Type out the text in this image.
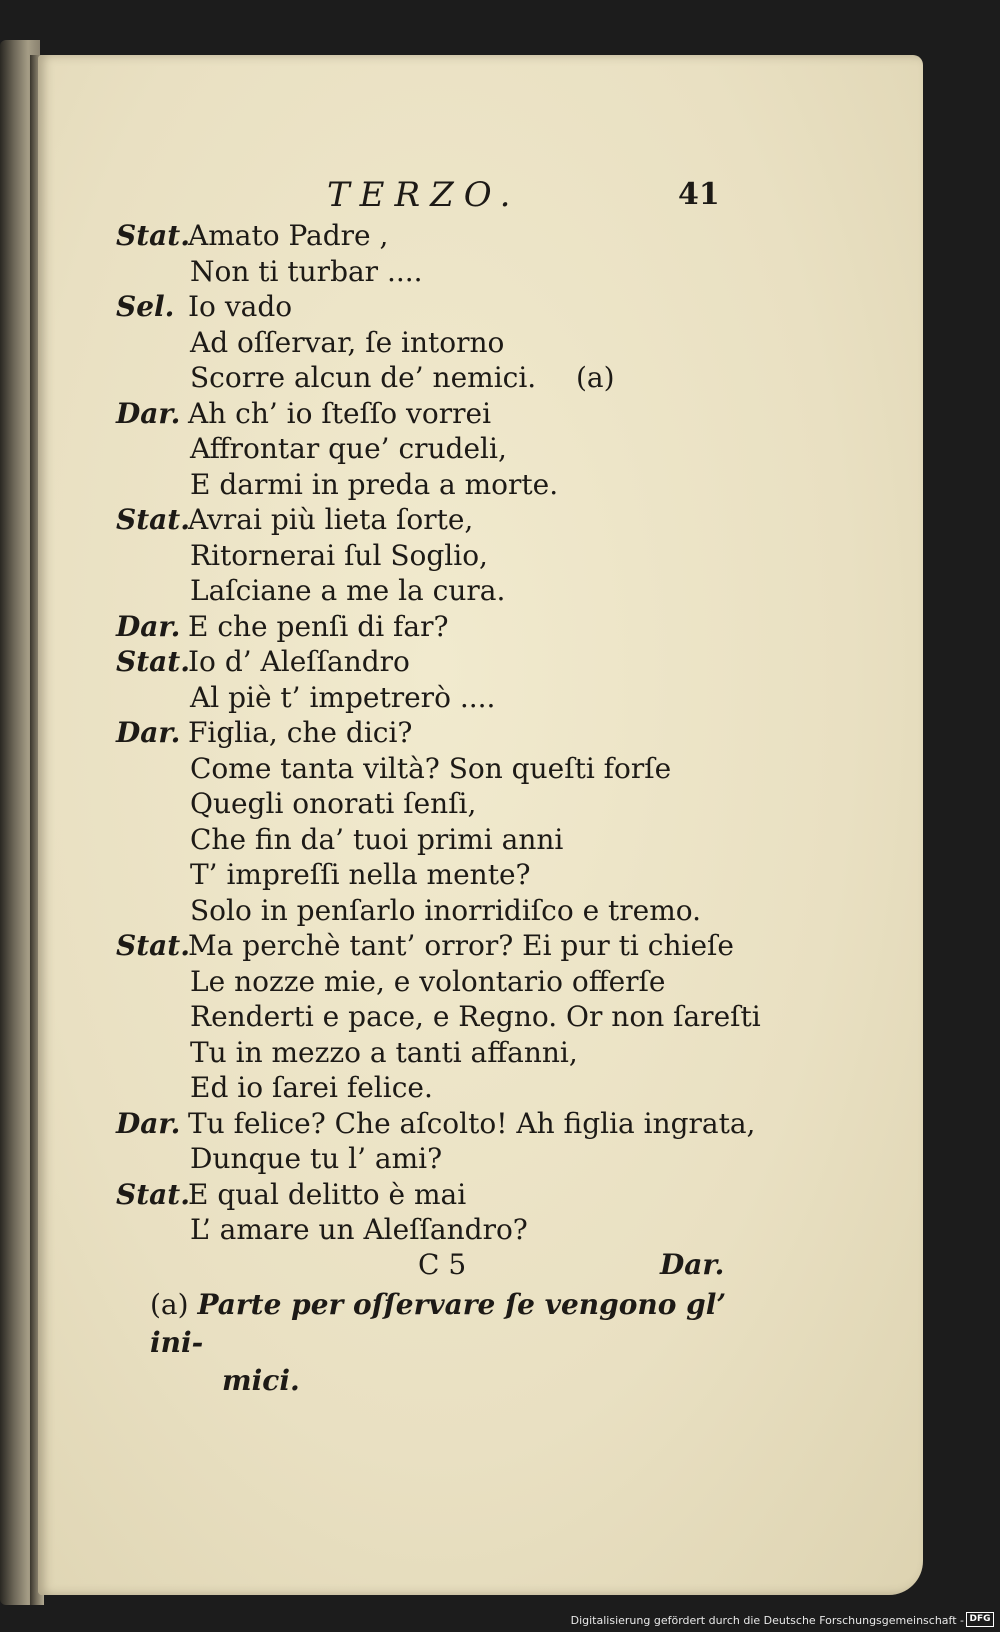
TERZO.	41
Stat.
Amato Padre ,
Non ti turbar ....
Sel. Io vado
Ad oſſervar, ſe intorno
Scorre alcun de’ nemici. (a)
Dar. Ah ch’ io ſteſſo vorrei
Affrontar que’ crudeli,
E darmi in preda a morte.
Stat.
Avrai più lieta ſorte,
Ritornerai ſul Soglio,
Laſciane a me la cura.
Dar. E che penſi di far?
Stat.
Io d’ Aleſſandro
Al piè t’ impetrerò ....
Dar. Figlia, che dici?
Come tanta viltà? Son queſti forſe
Quegli onorati ſenſi,
Che fin da’ tuoi primi anni
T’ impreſſi nella mente?
Solo in penſarlo inorridiſco e tremo.
Stat.
Ma perchè tant’ orror? Ei pur ti chieſe
Le nozze mie, e volontario offerſe
Renderti e pace, e Regno. Or non ſareſti
Tu in mezzo a tanti affanni,
Ed io ſarei felice.
Dar. Tu felice? Che aſcolto! Ah figlia ingrata,
Dunque tu l’ ami?
Stat.
E qual delitto è mai
L’ amare un Aleſſandro?
C 5	Dar.
(a) Parte per oſſervare ſe vengono gl’ ini-
mici.
Digitalisierung gefördert durch die Deutsche Forschungsgemeinschaft - DFG
